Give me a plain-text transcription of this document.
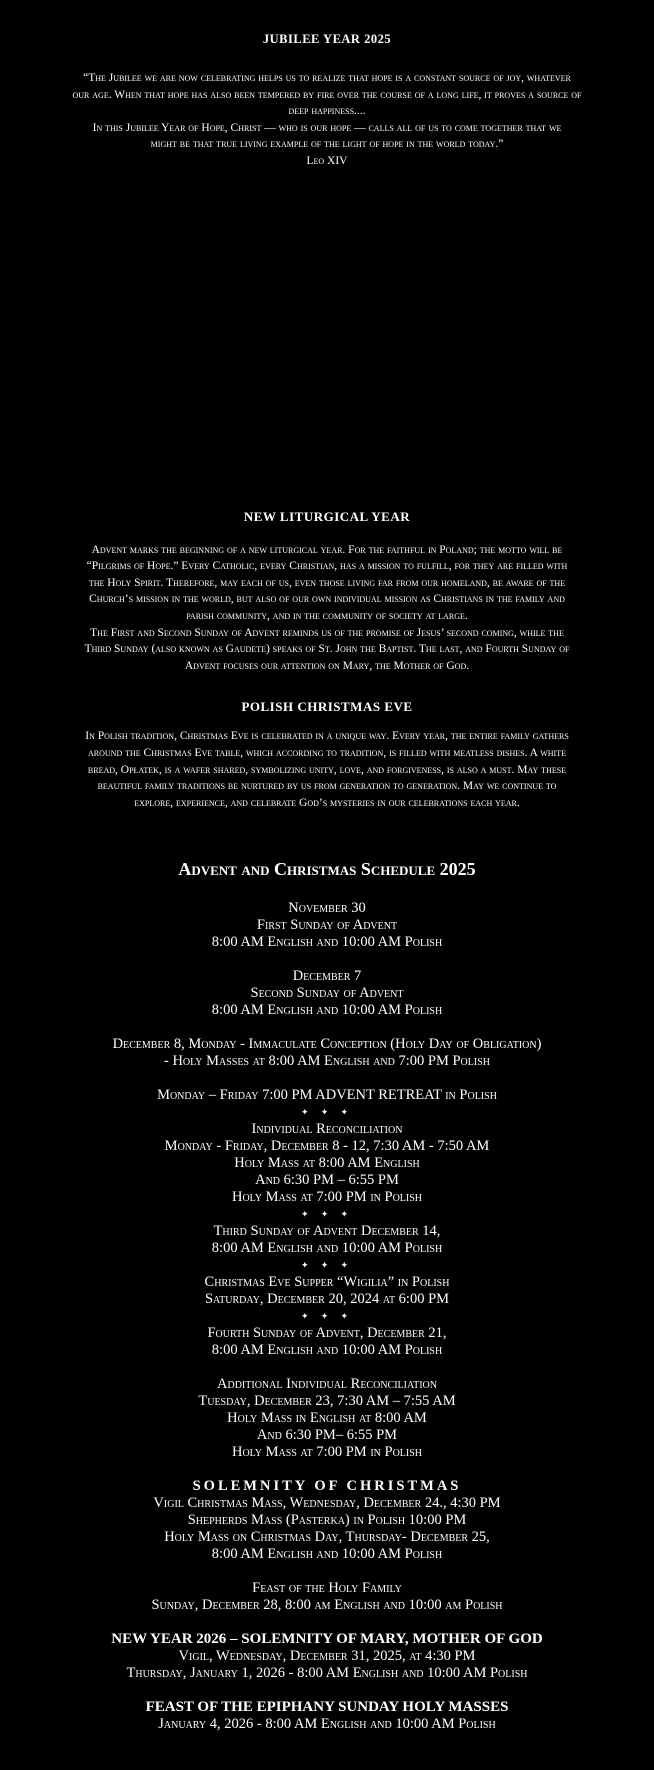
JUBILEE YEAR 2025
“The Jubilee we are now celebrating helps us to realize that hope is a constant source of joy, whatever
our age. When that hope has also been tempered by fire over the course of a long life, it proves a source of
deep happiness....
In this Jubilee Year of Hope, Christ — who is our hope — calls all of us to come together that we
might be that true living example of the light of hope in the world today.”
Leo XIV
NEW LITURGICAL YEAR
Advent marks the beginning of a new liturgical year. For the faithful in Poland; the motto will be
“Pilgrims of Hope.” Every Catholic, every Christian, has a mission to fulfill, for they are filled with
the Holy Spirit. Therefore, may each of us, even those living far from our homeland, be aware of the
Church’s mission in the world, but also of our own individual mission as Christians in the family and
parish community, and in the community of society at large.
The First and Second Sunday of Advent reminds us of the promise of Jesus’ second coming, while the
Third Sunday (also known as Gaudete) speaks of St. John the Baptist. The last, and Fourth Sunday of
Advent focuses our attention on Mary, the Mother of God.
POLISH CHRISTMAS EVE
In Polish tradition, Christmas Eve is celebrated in a unique way. Every year, the entire family gathers
around the Christmas Eve table, which according to tradition, is filled with meatless dishes. A white
bread, Opłatek, is a wafer shared, symbolizing unity, love, and forgiveness, is also a must. May these
beautiful family traditions be nurtured by us from generation to generation. May we continue to
explore, experience, and celebrate God’s mysteries in our celebrations each year.
Advent and Christmas Schedule 2025
November 30
First Sunday of Advent
8:00 AM English and 10:00 AM Polish
December 7
Second Sunday of Advent
8:00 AM English and 10:00 AM Polish
December 8, Monday - Immaculate Conception (Holy Day of Obligation)
- Holy Masses at 8:00 AM English and 7:00 PM Polish
Monday – Friday 7:00 PM ADVENT RETREAT in Polish
✦ ✦ ✦
Individual Reconciliation
Monday - Friday, December 8 - 12, 7:30 AM - 7:50 AM
Holy Mass at 8:00 AM English
And 6:30 PM – 6:55 PM
Holy Mass at 7:00 PM in Polish
✦ ✦ ✦
Third Sunday of Advent December 14,
8:00 AM English and 10:00 AM Polish
✦ ✦ ✦
Christmas Eve Supper “Wigilia” in Polish
Saturday, December 20, 2024 at 6:00 PM
✦ ✦ ✦
Fourth Sunday of Advent, December 21,
8:00 AM English and 10:00 AM Polish
Additional Individual Reconciliation
Tuesday, December 23, 7:30 AM – 7:55 AM
Holy Mass in English at 8:00 AM
And 6:30 PM– 6:55 PM
Holy Mass at 7:00 PM in Polish
SOLEMNITY OF CHRISTMAS
Vigil Christmas Mass, Wednesday, December 24., 4:30 PM
Shepherds Mass (Pasterka) in Polish 10:00 PM
Holy Mass on Christmas Day, Thursday- December 25,
8:00 AM English and 10:00 AM Polish
Feast of the Holy Family
Sunday, December 28, 8:00 am English and 10:00 am Polish
NEW YEAR 2026 – SOLEMNITY OF MARY, MOTHER OF GOD
Vigil, Wednesday, December 31, 2025, at 4:30 PM
Thursday, January 1, 2026 - 8:00 AM English and 10:00 AM Polish
FEAST OF THE EPIPHANY SUNDAY HOLY MASSES
January 4, 2026 - 8:00 AM English and 10:00 AM Polish
